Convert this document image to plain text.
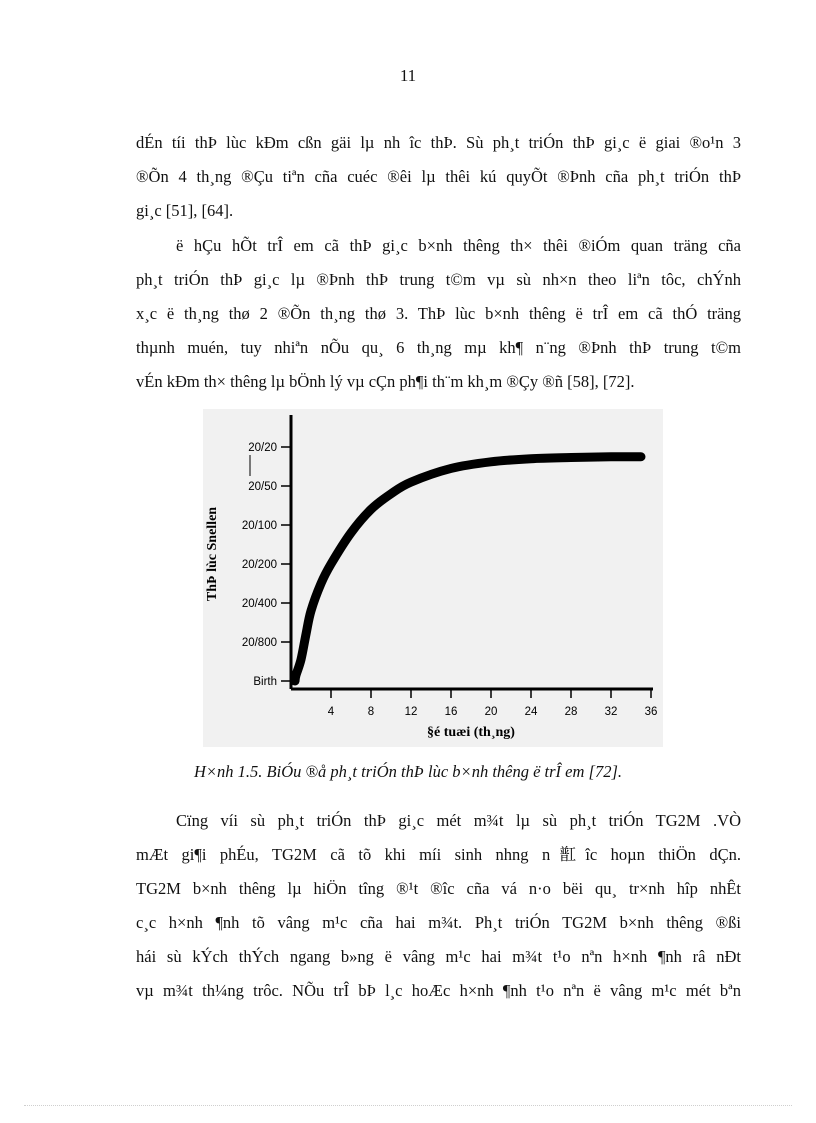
11
dÉn tíi thÞ lùc kÐm cßn gäi lµ nh îc thÞ. Sù ph¸t triÓn thÞ gi¸c ë giai ®o¹n 3
®Õn 4 th¸ng ®Çu tiªn cña cuéc ®êi lµ thêi kú quyÕt ®Þnh cña ph¸t triÓn thÞ
gi¸c [51], [64].
ë hÇu hÕt trÎ em cã thÞ gi¸c b×nh thêng th× thêi ®iÓm quan träng cña
ph¸t triÓn thÞ gi¸c lµ ®Þnh thÞ trung t©m vµ sù nh×n theo liªn tôc, chÝnh
x¸c ë th¸ng thø 2 ®Õn th¸ng thø 3. ThÞ lùc b×nh thêng ë trÎ em cã thÓ träng
thµnh muén, tuy nhiªn nÕu qu¸ 6 th¸ng mµ kh¶ n¨ng ®Þnh thÞ trung t©m
vÉn kÐm th× thêng lµ bÖnh lý vµ cÇn ph¶i th¨m kh¸m ®Çy ®ñ [58], [72].
Birth
20/800
20/400
20/200
20/100
20/50
20/20
4	8	12 16 20 24 28 32 36
ThÞ lùc Snellen
§é tuæi (th¸ng)
H×nh 1.5. BiÓu ®å ph¸t triÓn thÞ lùc b×nh thêng ë trÎ em [72].
Cïng víi sù ph¸t triÓn thÞ gi¸c mét m¾t lµ sù ph¸t triÓn TG2M .VÒ
mÆt gi¶i phÉu, TG2M cã tõ khi míi sinh nhng n㠮îc hoµn thiÖn dÇn.
TG2M b×nh thêng lµ hiÖn tîng ®¹t ®îc cña vá n·o bëi qu¸ tr×nh hîp nhÊt
c¸c h×nh ¶nh tõ vâng m¹c cña hai m¾t. Ph¸t triÓn TG2M b×nh thêng ®ßi
hái sù kÝch thÝch ngang b»ng ë vâng m¹c hai m¾t t¹o nªn h×nh ¶nh râ nÐt
vµ m¾t th¼ng trôc. NÕu trÎ bÞ l¸c hoÆc h×nh ¶nh t¹o nªn ë vâng m¹c mét bªn
